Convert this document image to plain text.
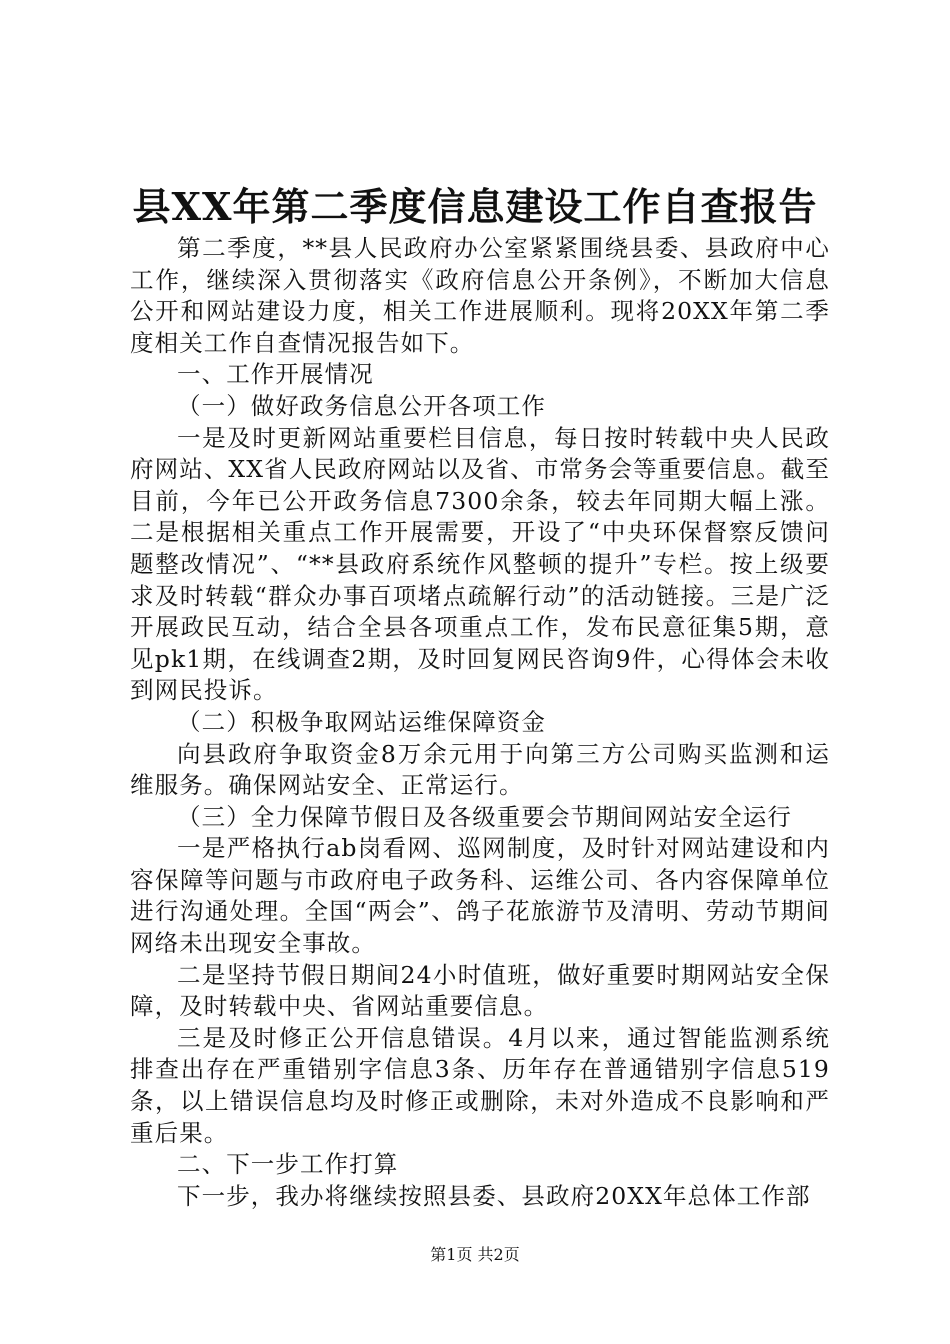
县XX年第二季度信息建设工作自查报告

第二季度，**县人民政府办公室紧紧围绕县委、县政府中心工作，继续深入贯彻落实《政府信息公开条例》，不断加大信息公开和网站建设力度，相关工作进展顺利。现将20XX年第二季度相关工作自查情况报告如下。

一、工作开展情况

（一）做好政务信息公开各项工作

一是及时更新网站重要栏目信息，每日按时转载中央人民政府网站、XX省人民政府网站以及省、市常务会等重要信息。截至目前，今年已公开政务信息7300余条，较去年同期大幅上涨。二是根据相关重点工作开展需要，开设了“中央环保督察反馈问题整改情况”、“**县政府系统作风整顿的提升”专栏。按上级要求及时转载“群众办事百项堵点疏解行动”的活动链接。三是广泛开展政民互动，结合全县各项重点工作，发布民意征集5期，意见pk1期，在线调查2期，及时回复网民咨询9件，心得体会未收到网民投诉。

（二）积极争取网站运维保障资金

向县政府争取资金8万余元用于向第三方公司购买监测和运维服务。确保网站安全、正常运行。

（三）全力保障节假日及各级重要会节期间网站安全运行

一是严格执行ab岗看网、巡网制度，及时针对网站建设和内容保障等问题与市政府电子政务科、运维公司、各内容保障单位进行沟通处理。全国“两会”、鸽子花旅游节及清明、劳动节期间网络未出现安全事故。

二是坚持节假日期间24小时值班，做好重要时期网站安全保障，及时转载中央、省网站重要信息。

三是及时修正公开信息错误。4月以来，通过智能监测系统排查出存在严重错别字信息3条、历年存在普通错别字信息519条，以上错误信息均及时修正或删除，未对外造成不良影响和严重后果。

二、下一步工作打算

下一步，我办将继续按照县委、县政府20XX年总体工作部

第1页 共2页
